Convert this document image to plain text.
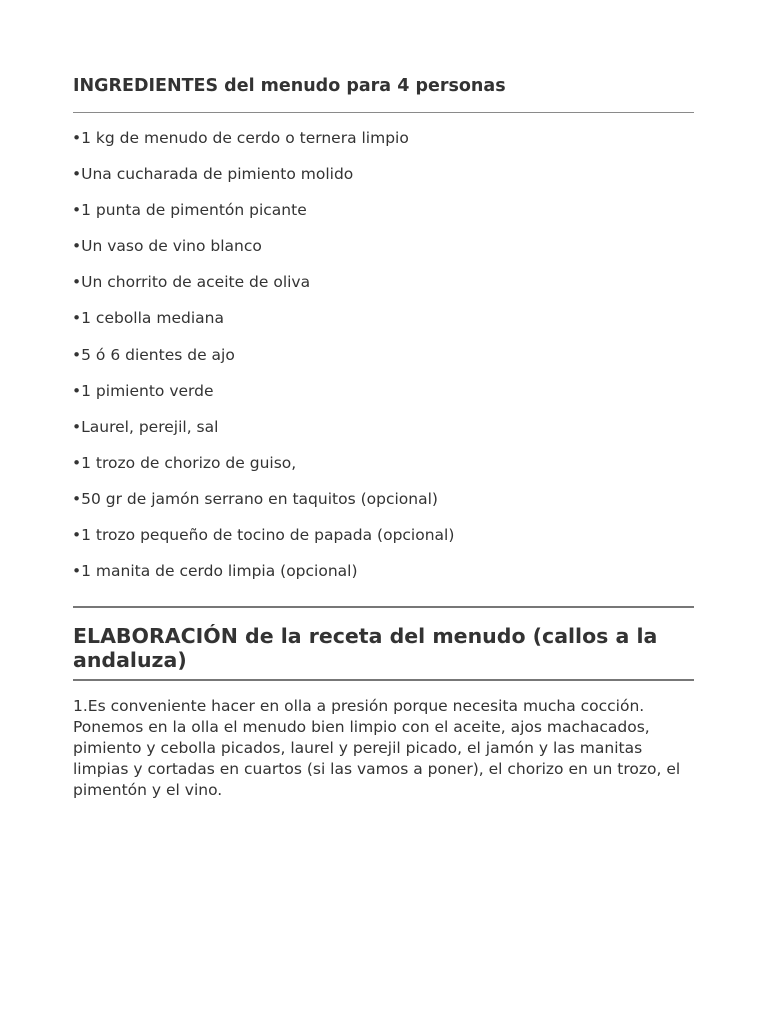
INGREDIENTES del menudo para 4 personas
•1 kg de menudo de cerdo o ternera limpio
•Una cucharada de pimiento molido
•1 punta de pimentón picante
•Un vaso de vino blanco
•Un chorrito de aceite de oliva
•1 cebolla mediana
•5 ó 6 dientes de ajo
•1 pimiento verde
•Laurel, perejil, sal
•1 trozo de chorizo de guiso,
•50 gr de jamón serrano en taquitos (opcional)
•1 trozo pequeño de tocino de papada (opcional)
•1 manita de cerdo limpia (opcional)
ELABORACIÓN de la receta del menudo (callos a la andaluza)

1.Es conveniente hacer en olla a presión porque necesita mucha cocción. Ponemos en la olla el menudo bien limpio con el aceite, ajos machacados, pimiento y cebolla picados, laurel y perejil picado, el jamón y las manitas limpias y cortadas en cuartos (si las vamos a poner), el chorizo en un trozo, el pimentón y el vino.
